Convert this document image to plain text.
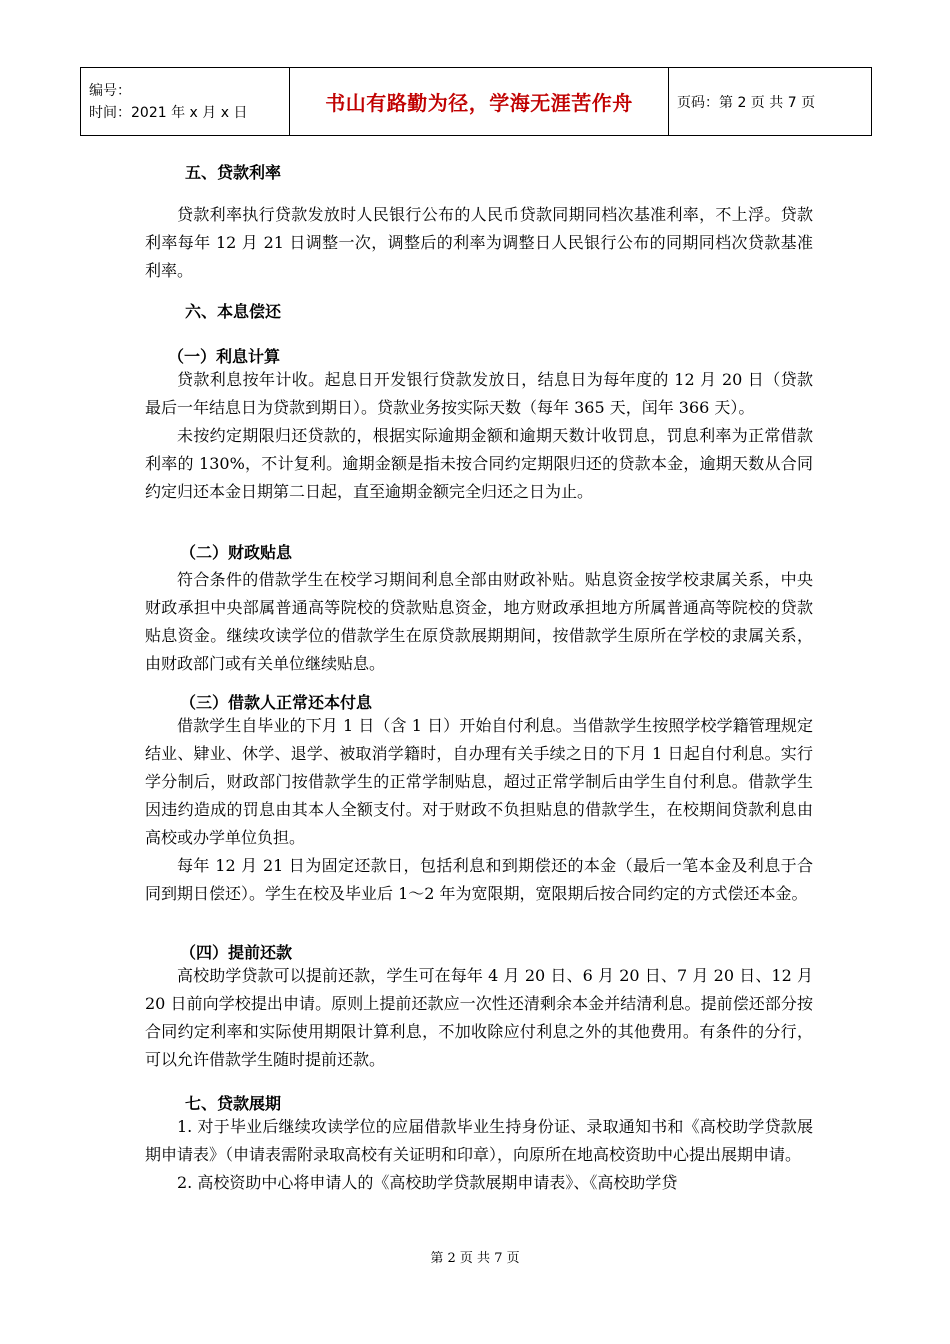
编号：
时间：2021 年 x 月 x 日	书山有路勤为径，学海无涯苦作舟	页码：第 2 页 共 7 页
五、贷款利率

贷款利率执行贷款发放时人民银行公布的人民币贷款同期同档次基准利率，不上浮。贷款利率每年 12 月 21 日调整一次，调整后的利率为调整日人民银行公布的同期同档次贷款基准利率。

六、本息偿还
（一）利息计算

贷款利息按年计收。起息日开发银行贷款发放日，结息日为每年度的 12 月 20 日（贷款最后一年结息日为贷款到期日）。贷款业务按实际天数（每年 365 天，闰年 366 天）。

未按约定期限归还贷款的，根据实际逾期金额和逾期天数计收罚息，罚息利率为正常借款利率的 130%，不计复利。逾期金额是指未按合同约定期限归还的贷款本金，逾期天数从合同约定归还本金日期第二日起，直至逾期金额完全归还之日为止。

（二）财政贴息

符合条件的借款学生在校学习期间利息全部由财政补贴。贴息资金按学校隶属关系，中央财政承担中央部属普通高等院校的贷款贴息资金，地方财政承担地方所属普通高等院校的贷款贴息资金。继续攻读学位的借款学生在原贷款展期期间，按借款学生原所在学校的隶属关系，由财政部门或有关单位继续贴息。

（三）借款人正常还本付息

借款学生自毕业的下月 1 日（含 1 日）开始自付利息。当借款学生按照学校学籍管理规定结业、肄业、休学、退学、被取消学籍时，自办理有关手续之日的下月 1 日起自付利息。实行学分制后，财政部门按借款学生的正常学制贴息，超过正常学制后由学生自付利息。借款学生因违约造成的罚息由其本人全额支付。对于财政不负担贴息的借款学生，在校期间贷款利息由高校或办学单位负担。

每年 12 月 21 日为固定还款日，包括利息和到期偿还的本金（最后一笔本金及利息于合同到期日偿还）。学生在校及毕业后 1～2 年为宽限期，宽限期后按合同约定的方式偿还本金。

（四）提前还款

高校助学贷款可以提前还款，学生可在每年 4 月 20 日、6 月 20 日、7 月 20 日、12 月 20 日前向学校提出申请。原则上提前还款应一次性还清剩余本金并结清利息。提前偿还部分按合同约定利率和实际使用期限计算利息，不加收除应付利息之外的其他费用。有条件的分行，可以允许借款学生随时提前还款。

七、贷款展期

1. 对于毕业后继续攻读学位的应届借款毕业生持身份证、录取通知书和《高校助学贷款展期申请表》（申请表需附录取高校有关证明和印章），向原所在地高校资助中心提出展期申请。

2. 高校资助中心将申请人的《高校助学贷款展期申请表》、《高校助学贷

第 2 页 共 7 页
